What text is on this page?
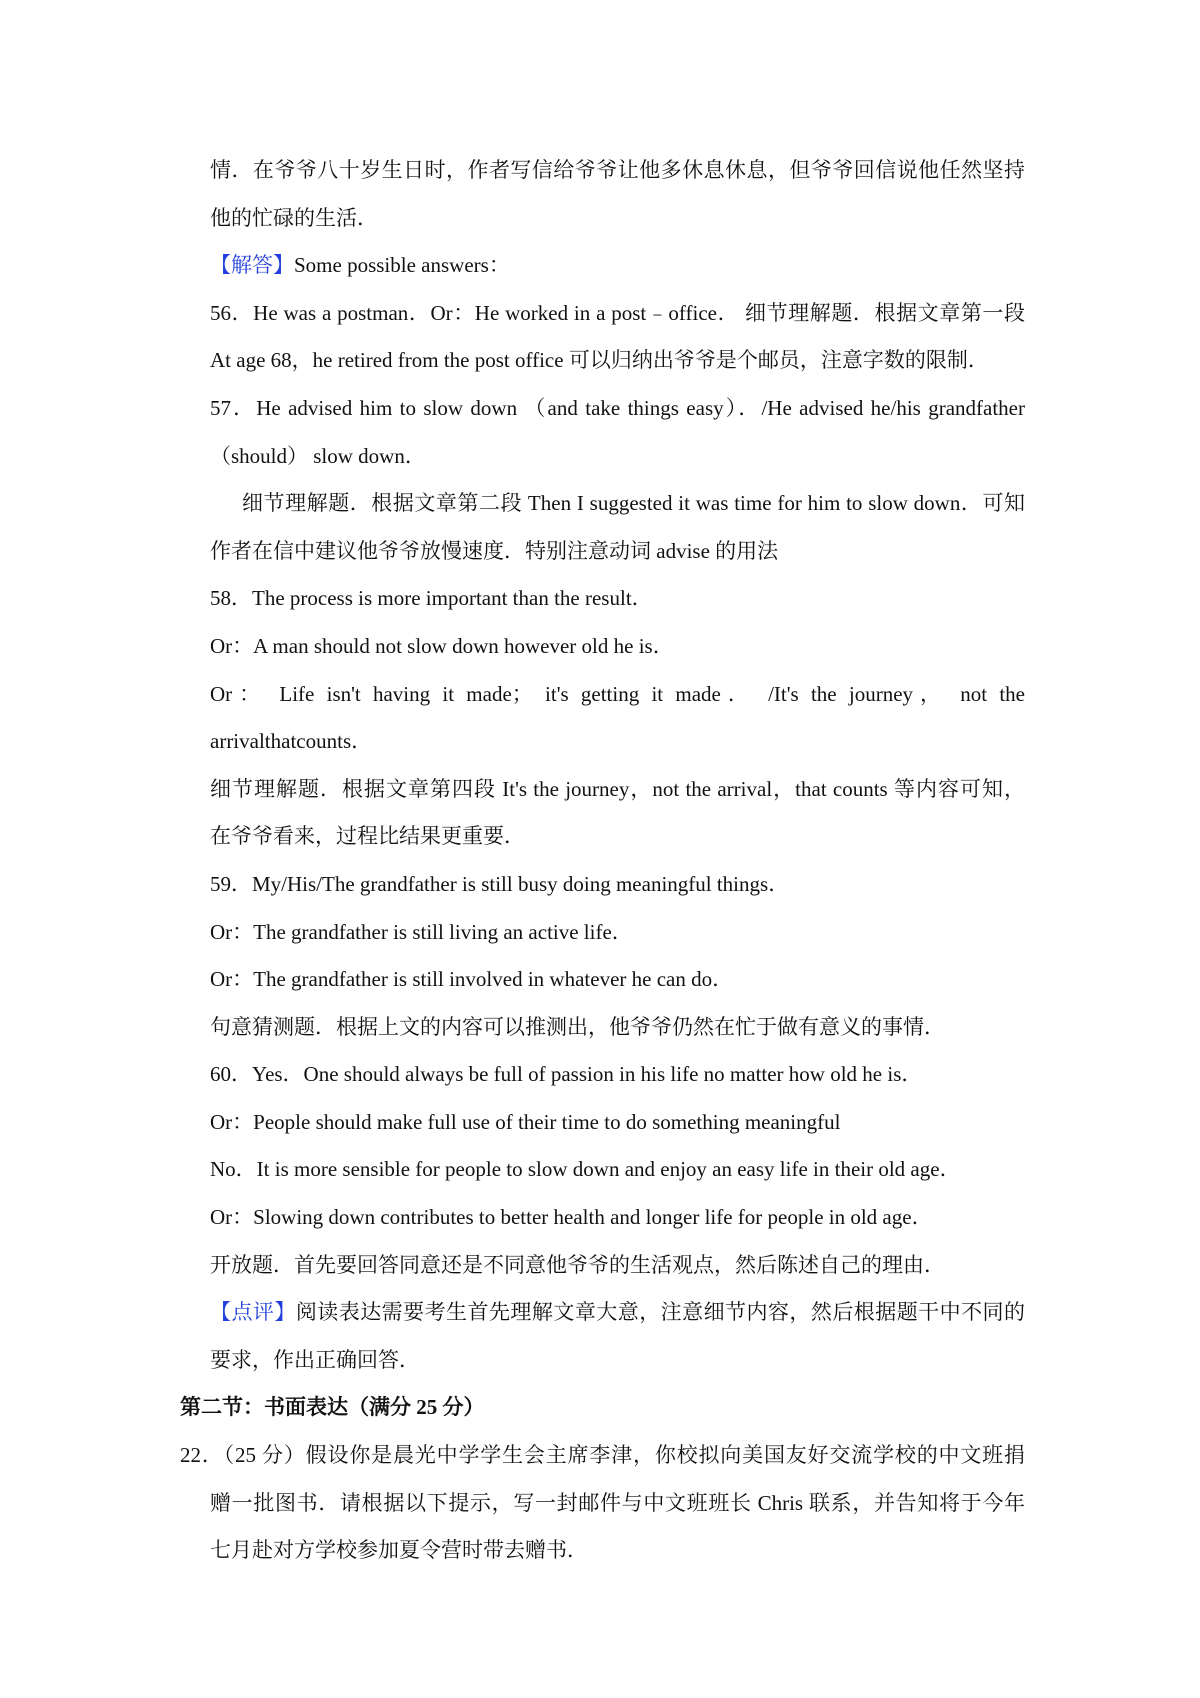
情．在爷爷八十岁生日时，作者写信给爷爷让他多休息休息，但爷爷回信说他任然坚持
他的忙碌的生活．
【解答】Some possible answers：
56．He was a postman．Or：He worked in a post﹣office． 细节理解题．根据文章第一段
At age 68，he retired from the post office 可以归纳出爷爷是个邮员，注意字数的限制．
57．He advised him to slow down （and take things easy）．/He advised he/his grandfather
（should） slow down．
细节理解题．根据文章第二段 Then I suggested it was time for him to slow down．可知
作者在信中建议他爷爷放慢速度．特别注意动词 advise 的用法
58．The process is more important than the result．
Or：A man should not slow down however old he is．
Or： Life isn't having it made； it's getting it made． /It's the journey， not the
arrivalthatcounts．
细节理解题．根据文章第四段 It's the journey，not the arrival，that counts 等内容可知，
在爷爷看来，过程比结果更重要．
59．My/His/The grandfather is still busy doing meaningful things．
Or：The grandfather is still living an active life．
Or：The grandfather is still involved in whatever he can do．
句意猜测题．根据上文的内容可以推测出，他爷爷仍然在忙于做有意义的事情．
60．Yes．One should always be full of passion in his life no matter how old he is．
Or：People should make full use of their time to do something meaningful
No．It is more sensible for people to slow down and enjoy an easy life in their old age．
Or：Slowing down contributes to better health and longer life for people in old age．
开放题．首先要回答同意还是不同意他爷爷的生活观点，然后陈述自己的理由．
【点评】阅读表达需要考生首先理解文章大意，注意细节内容，然后根据题干中不同的
要求，作出正确回答．
第二节：书面表达（满分 25 分）
22．（25 分）假设你是晨光中学学生会主席李津，你校拟向美国友好交流学校的中文班捐
赠一批图书．请根据以下提示，写一封邮件与中文班班长 Chris 联系，并告知将于今年
七月赴对方学校参加夏令营时带去赠书．
